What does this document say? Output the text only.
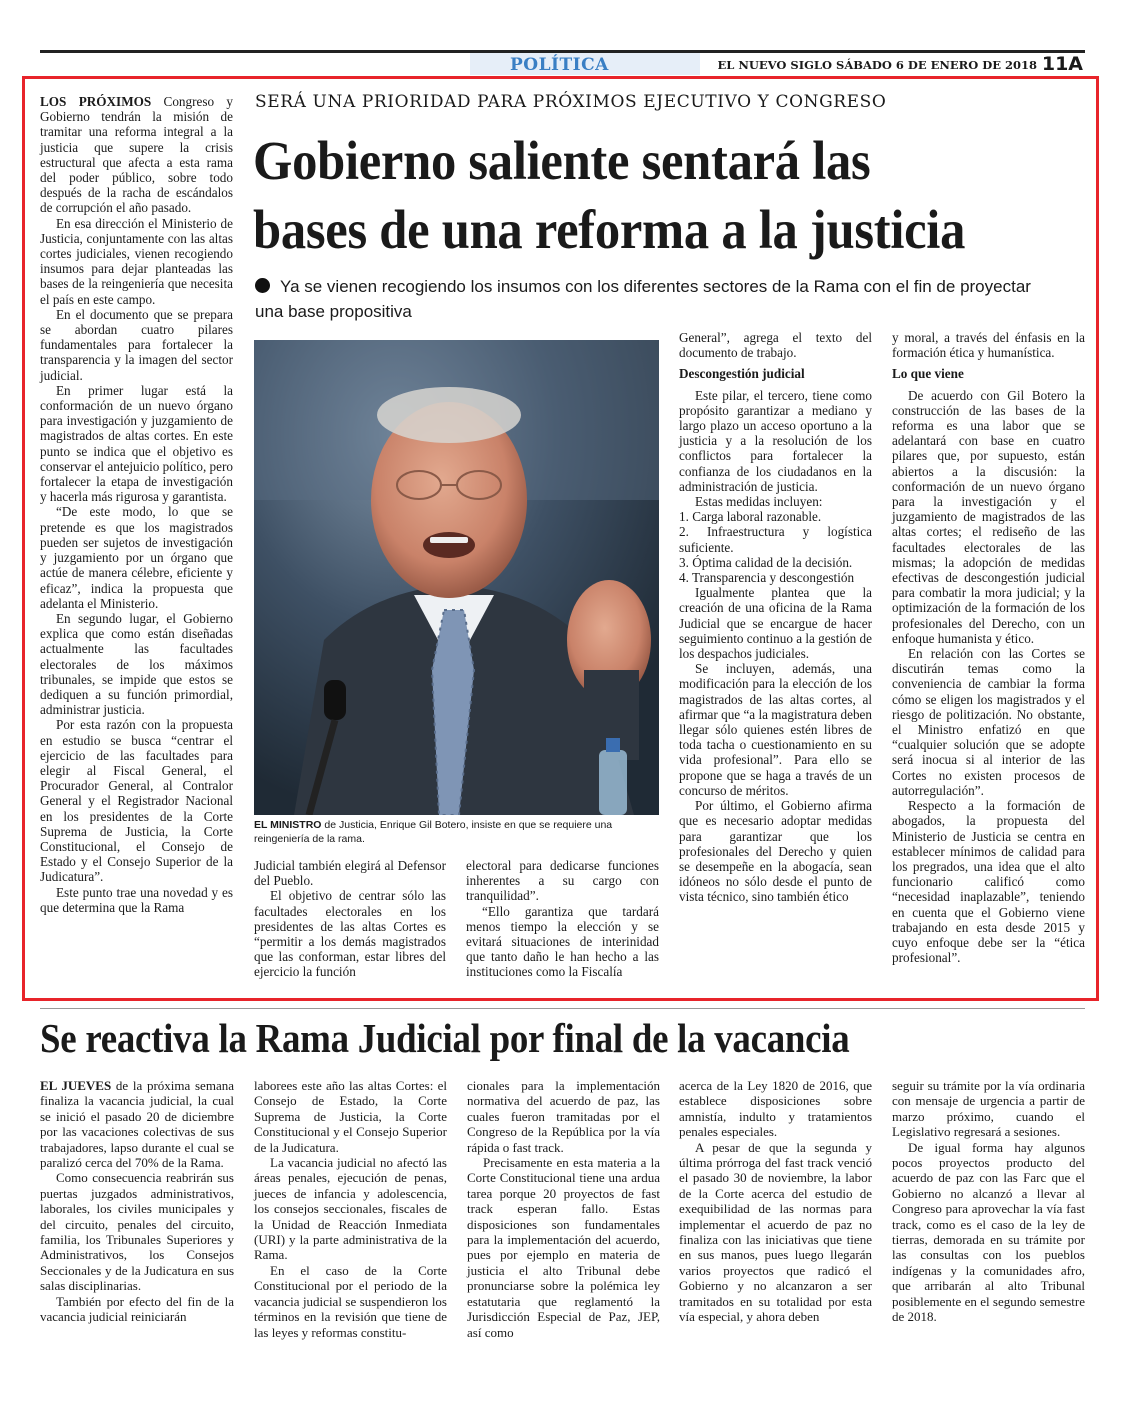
POLÍTICA	EL NUEVO SIGLO SÁBADO 6 DE ENERO DE 2018 11A
SERÁ UNA PRIORIDAD PARA PRÓXIMOS EJECUTIVO Y CONGRESO
Gobierno saliente sentará las
bases de una reforma a la justicia
Ya se vienen recogiendo los insumos con los diferentes sectores de la Rama con el fin de proyectar una base propositiva

LOS PRÓXIMOS Congreso y Gobierno tendrán la misión de tramitar una reforma integral a la justicia que supere la crisis estructural que afecta a esta rama del poder público, sobre todo después de la racha de escándalos de corrupción el año pasado.

En esa dirección el Ministerio de Justicia, conjuntamente con las altas cortes judiciales, vienen recogiendo insumos para dejar planteadas las bases de la reingeniería que necesita el país en este campo.

En el documento que se prepara se abordan cuatro pilares fundamentales para fortalecer la transparencia y la imagen del sector judicial.

En primer lugar está la conformación de un nuevo órgano para investigación y juzgamiento de magistrados de altas cortes. En este punto se indica que el objetivo es conservar el antejuicio político, pero fortalecer la etapa de investigación y hacerla más rigurosa y garantista.

“De este modo, lo que se pretende es que los magistrados pueden ser sujetos de investigación y juzgamiento por un órgano que actúe de manera célebre, eficiente y eficaz”, indica la propuesta que adelanta el Ministerio.

En segundo lugar, el Gobierno explica que como están diseñadas actualmente las facultades electorales de los máximos tribunales, se impide que estos se dediquen a su función primordial, administrar justicia.

Por esta razón con la propuesta en estudio se busca “centrar el ejercicio de las facultades para elegir al Fiscal General, el Procurador General, al Contralor General y el Registrador Nacional en los presidentes de la Corte Suprema de Justicia, la Corte Constitucional, el Consejo de Estado y el Consejo Superior de la Judicatura”.

Este punto trae una novedad y es que determina que la Rama

EL MINISTRO de Justicia, Enrique Gil Botero, insiste en que se requiere una reingeniería de la rama.

Judicial también elegirá al Defensor del Pueblo.

El objetivo de centrar sólo las facultades electorales en los presidentes de las altas Cortes es “permitir a los demás magistrados que las conforman, estar libres del ejercicio la función

electoral para dedicarse funciones inherentes a su cargo con tranquilidad”.

“Ello garantiza que tardará menos tiempo la elección y se evitará situaciones de interinidad que tanto daño le han hecho a las instituciones como la Fiscalía

General”, agrega el texto del documento de trabajo.

Descongestión judicial

Este pilar, el tercero, tiene como propósito garantizar a mediano y largo plazo un acceso oportuno a la justicia y a la resolución de los conflictos para fortalecer la confianza de los ciudadanos en la administración de justicia.

Estas medidas incluyen:

1. Carga laboral razonable.

2. Infraestructura y logística suficiente.

3. Óptima calidad de la decisión.

4. Transparencia y descongestión

Igualmente plantea que la creación de una oficina de la Rama Judicial que se encargue de hacer seguimiento continuo a la gestión de los despachos judiciales.

Se incluyen, además, una modificación para la elección de los magistrados de las altas cortes, al afirmar que “a la magistratura deben llegar sólo quienes estén libres de toda tacha o cuestionamiento en su vida profesional”. Para ello se propone que se haga a través de un concurso de méritos.

Por último, el Gobierno afirma que es necesario adoptar medidas para garantizar que los profesionales del Derecho y quien se desempeñe en la abogacía, sean idóneos no sólo desde el punto de vista técnico, sino también ético

y moral, a través del énfasis en la formación ética y humanística.

Lo que viene

De acuerdo con Gil Botero la construcción de las bases de la reforma es una labor que se adelantará con base en cuatro pilares que, por supuesto, están abiertos a la discusión: la conformación de un nuevo órgano para la investigación y el juzgamiento de magistrados de las altas cortes; el rediseño de las facultades electorales de las mismas; la adopción de medidas efectivas de descongestión judicial para combatir la mora judicial; y la optimización de la formación de los profesionales del Derecho, con un enfoque humanista y ético.

En relación con las Cortes se discutirán temas como la conveniencia de cambiar la forma cómo se eligen los magistrados y el riesgo de politización. No obstante, el Ministro enfatizó en que “cualquier solución que se adopte será inocua si al interior de las Cortes no existen procesos de autorregulación”.

Respecto a la formación de abogados, la propuesta del Ministerio de Justicia se centra en establecer mínimos de calidad para los pregrados, una idea que el alto funcionario calificó como “necesidad inaplazable”, teniendo en cuenta que el Gobierno viene trabajando en esta desde 2015 y cuyo enfoque debe ser la “ética profesional”.

Se reactiva la Rama Judicial por final de la vacancia

EL JUEVES de la próxima semana finaliza la vacancia judicial, la cual se inició el pasado 20 de diciembre por las vacaciones colectivas de sus trabajadores, lapso durante el cual se paralizó cerca del 70% de la Rama.

Como consecuencia reabrirán sus puertas juzgados administrativos, laborales, los civiles municipales y del circuito, penales del circuito, familia, los Tribunales Superiores y Administrativos, los Consejos Seccionales y de la Judicatura en sus salas disciplinarias.

También por efecto del fin de la vacancia judicial reiniciarán

laborees este año las altas Cortes: el Consejo de Estado, la Corte Suprema de Justicia, la Corte Constitucional y el Consejo Superior de la Judicatura.

La vacancia judicial no afectó las áreas penales, ejecución de penas, jueces de infancia y adolescencia, los consejos seccionales, fiscales de la Unidad de Reacción Inmediata (URI) y la parte administrativa de la Rama.

En el caso de la Corte Constitucional por el periodo de la vacancia judicial se suspendieron los términos en la revisión que tiene de las leyes y reformas constitu-

cionales para la implementación normativa del acuerdo de paz, las cuales fueron tramitadas por el Congreso de la República por la vía rápida o fast track.

Precisamente en esta materia a la Corte Constitucional tiene una ardua tarea porque 20 proyectos de fast track esperan fallo. Estas disposiciones son fundamentales para la implementación del acuerdo, pues por ejemplo en materia de justicia el alto Tribunal debe pronunciarse sobre la polémica ley estatutaria que reglamentó la Jurisdicción Especial de Paz, JEP, así como

acerca de la Ley 1820 de 2016, que establece disposiciones sobre amnistía, indulto y tratamientos penales especiales.

A pesar de que la segunda y última prórroga del fast track venció el pasado 30 de noviembre, la labor de la Corte acerca del estudio de exequibilidad de las normas para implementar el acuerdo de paz no finaliza con las iniciativas que tiene en sus manos, pues luego llegarán varios proyectos que radicó el Gobierno y no alcanzaron a ser tramitados en su totalidad por esta vía especial, y ahora deben

seguir su trámite por la vía ordinaria con mensaje de urgencia a partir de marzo próximo, cuando el Legislativo regresará a sesiones.

De igual forma hay algunos pocos proyectos producto del acuerdo de paz con las Farc que el Gobierno no alcanzó a llevar al Congreso para aprovechar la vía fast track, como es el caso de la ley de tierras, demorada en su trámite por las consultas con los pueblos indígenas y la comunidades afro, que arribarán al alto Tribunal posiblemente en el segundo semestre de 2018.
